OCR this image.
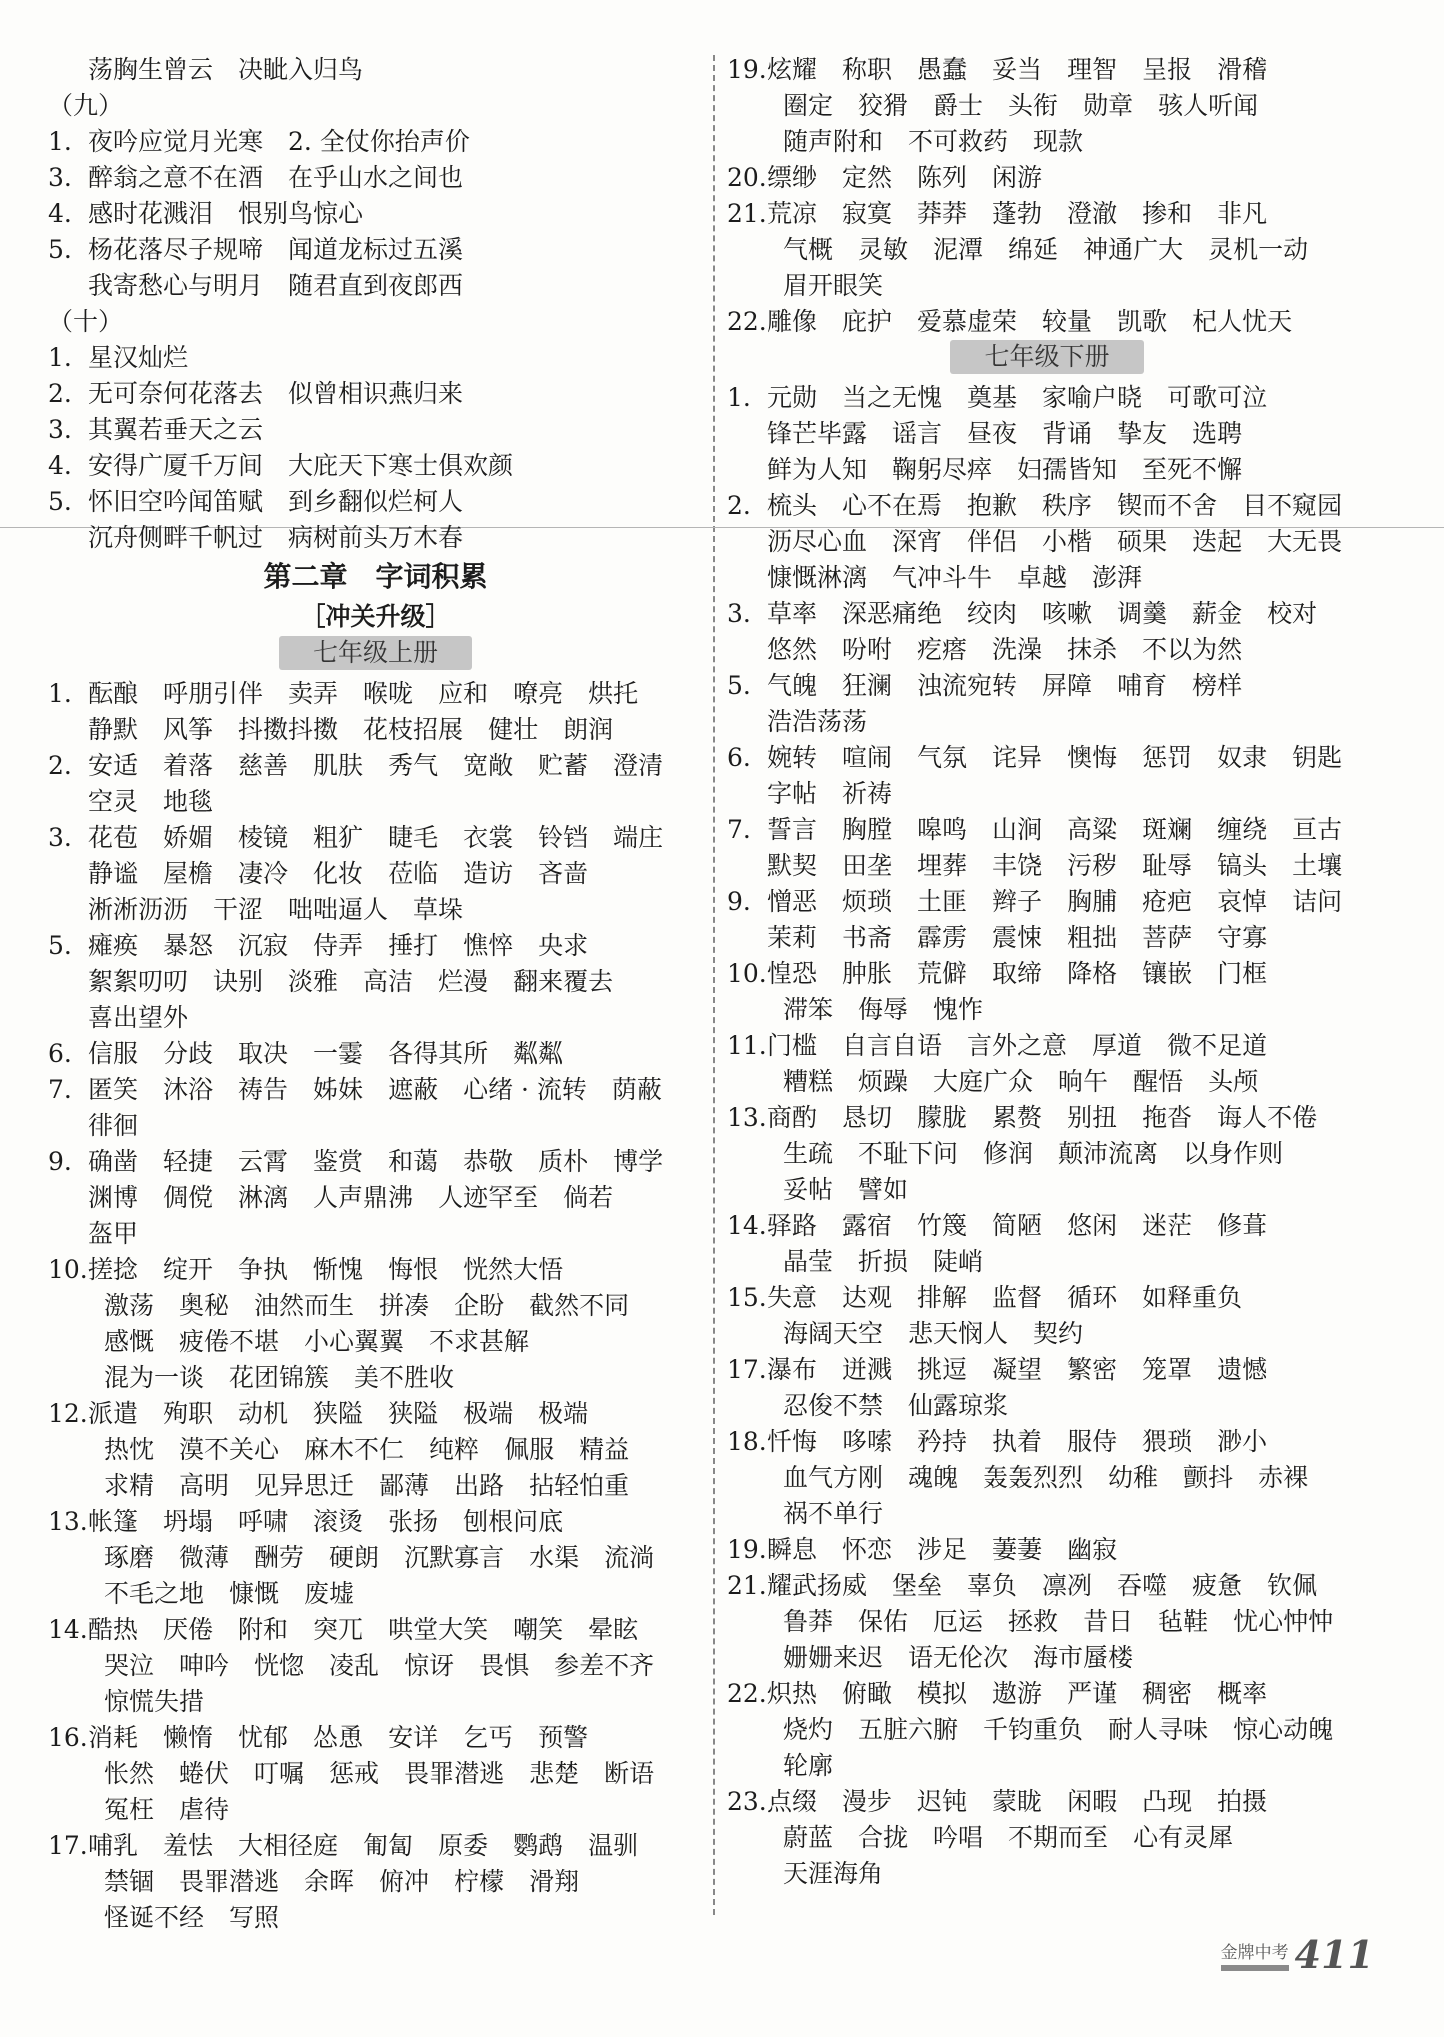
荡胸生曾云 决眦入归鸟
（九）
1. 夜吟应觉月光寒 2. 全仗你抬声价
3. 醉翁之意不在酒 在乎山水之间也
4. 感时花溅泪 恨别鸟惊心
5. 杨花落尽子规啼 闻道龙标过五溪
我寄愁心与明月 随君直到夜郎西
（十）
1. 星汉灿烂
2. 无可奈何花落去 似曾相识燕归来
3. 其翼若垂天之云
4. 安得广厦千万间 大庇天下寒士俱欢颜
5. 怀旧空吟闻笛赋 到乡翻似烂柯人
沉舟侧畔千帆过 病树前头万木春
第二章　字词积累
［冲关升级］
七年级上册
1. 酝酿 呼朋引伴 卖弄 喉咙 应和 嘹亮 烘托
静默 风筝 抖擞抖擞 花枝招展 健壮 朗润
2. 安适 着落 慈善 肌肤 秀气 宽敞 贮蓄 澄清
空灵 地毯
3. 花苞 娇媚 棱镜 粗犷 睫毛 衣裳 铃铛 端庄
静谧 屋檐 凄冷 化妆 莅临 造访 吝啬
淅淅沥沥 干涩 咄咄逼人 草垛
5. 瘫痪 暴怒 沉寂 侍弄 捶打 憔悴 央求
絮絮叨叨 诀别 淡雅 高洁 烂漫 翻来覆去
喜出望外
6. 信服 分歧 取决 一霎 各得其所 粼粼
7. 匿笑 沐浴 祷告 姊妹 遮蔽 心绪 · 流转 荫蔽
徘徊
9. 确凿 轻捷 云霄 鉴赏 和蔼 恭敬 质朴 博学
渊博 倜傥 淋漓 人声鼎沸 人迹罕至 倘若
盔甲
10.搓捻 绽开 争执 惭愧 悔恨 恍然大悟
激荡 奥秘 油然而生 拼凑 企盼 截然不同
感慨 疲倦不堪 小心翼翼 不求甚解
混为一谈 花团锦簇 美不胜收
12.派遣 殉职 动机 狭隘 狭隘 极端 极端
热忱 漠不关心 麻木不仁 纯粹 佩服 精益
求精 高明 见异思迁 鄙薄 出路 拈轻怕重
13.帐篷 坍塌 呼啸 滚烫 张扬 刨根问底
琢磨 微薄 酬劳 硬朗 沉默寡言 水渠 流淌
不毛之地 慷慨 废墟
14.酷热 厌倦 附和 突兀 哄堂大笑 嘲笑 晕眩
哭泣 呻吟 恍惚 凌乱 惊讶 畏惧 参差不齐
惊慌失措
16.消耗 懒惰 忧郁 怂恿 安详 乞丐 预警
怅然 蜷伏 叮嘱 惩戒 畏罪潜逃 悲楚 断语
冤枉 虐待
17.哺乳 羞怯 大相径庭 匍匐 原委 鹦鹉 温驯
禁锢 畏罪潜逃 余晖 俯冲 柠檬 滑翔
怪诞不经 写照
19.炫耀 称职 愚蠢 妥当 理智 呈报 滑稽
圈定 狡猾 爵士 头衔 勋章 骇人听闻
随声附和 不可救药 现款
20.缥缈 定然 陈列 闲游
21.荒凉 寂寞 莽莽 蓬勃 澄澈 掺和 非凡
气概 灵敏 泥潭 绵延 神通广大 灵机一动
眉开眼笑
22.雕像 庇护 爱慕虚荣 较量 凯歌 杞人忧天
七年级下册
1. 元勋 当之无愧 奠基 家喻户晓 可歌可泣
锋芒毕露 谣言 昼夜 背诵 挚友 选聘
鲜为人知 鞠躬尽瘁 妇孺皆知 至死不懈
2. 梳头 心不在焉 抱歉 秩序 锲而不舍 目不窥园
沥尽心血 深宵 伴侣 小楷 硕果 迭起 大无畏
慷慨淋漓 气冲斗牛 卓越 澎湃
3. 草率 深恶痛绝 绞肉 咳嗽 调羹 薪金 校对
悠然 吩咐 疙瘩 洗澡 抹杀 不以为然
5. 气魄 狂澜 浊流宛转 屏障 哺育 榜样
浩浩荡荡
6. 婉转 喧闹 气氛 诧异 懊悔 惩罚 奴隶 钥匙
字帖 祈祷
7. 誓言 胸膛 嗥鸣 山涧 高粱 斑斓 缠绕 亘古
默契 田垄 埋葬 丰饶 污秽 耻辱 镐头 土壤
9. 憎恶 烦琐 土匪 辫子 胸脯 疮疤 哀悼 诘问
茉莉 书斋 霹雳 震悚 粗拙 菩萨 守寡
10.惶恐 肿胀 荒僻 取缔 降格 镶嵌 门框
滞笨 侮辱 愧怍
11.门槛 自言自语 言外之意 厚道 微不足道
糟糕 烦躁 大庭广众 晌午 醒悟 头颅
13.商酌 恳切 朦胧 累赘 别扭 拖沓 诲人不倦
生疏 不耻下问 修润 颠沛流离 以身作则
妥帖 譬如
14.驿路 露宿 竹篾 简陋 悠闲 迷茫 修葺
晶莹 折损 陡峭
15.失意 达观 排解 监督 循环 如释重负
海阔天空 悲天悯人 契约
17.瀑布 迸溅 挑逗 凝望 繁密 笼罩 遗憾
忍俊不禁 仙露琼浆
18.忏悔 哆嗦 矜持 执着 服侍 猥琐 渺小
血气方刚 魂魄 轰轰烈烈 幼稚 颤抖 赤裸
祸不单行
19.瞬息 怀恋 涉足 萋萋 幽寂
21.耀武扬威 堡垒 辜负 凛冽 吞噬 疲惫 钦佩
鲁莽 保佑 厄运 拯救 昔日 毡鞋 忧心忡忡
姗姗来迟 语无伦次 海市蜃楼
22.炽热 俯瞰 模拟 遨游 严谨 稠密 概率
烧灼 五脏六腑 千钧重负 耐人寻味 惊心动魄
轮廓
23.点缀 漫步 迟钝 蒙眬 闲暇 凸现 拍摄
蔚蓝 合拢 吟唱 不期而至 心有灵犀
天涯海角
金牌中考 411
